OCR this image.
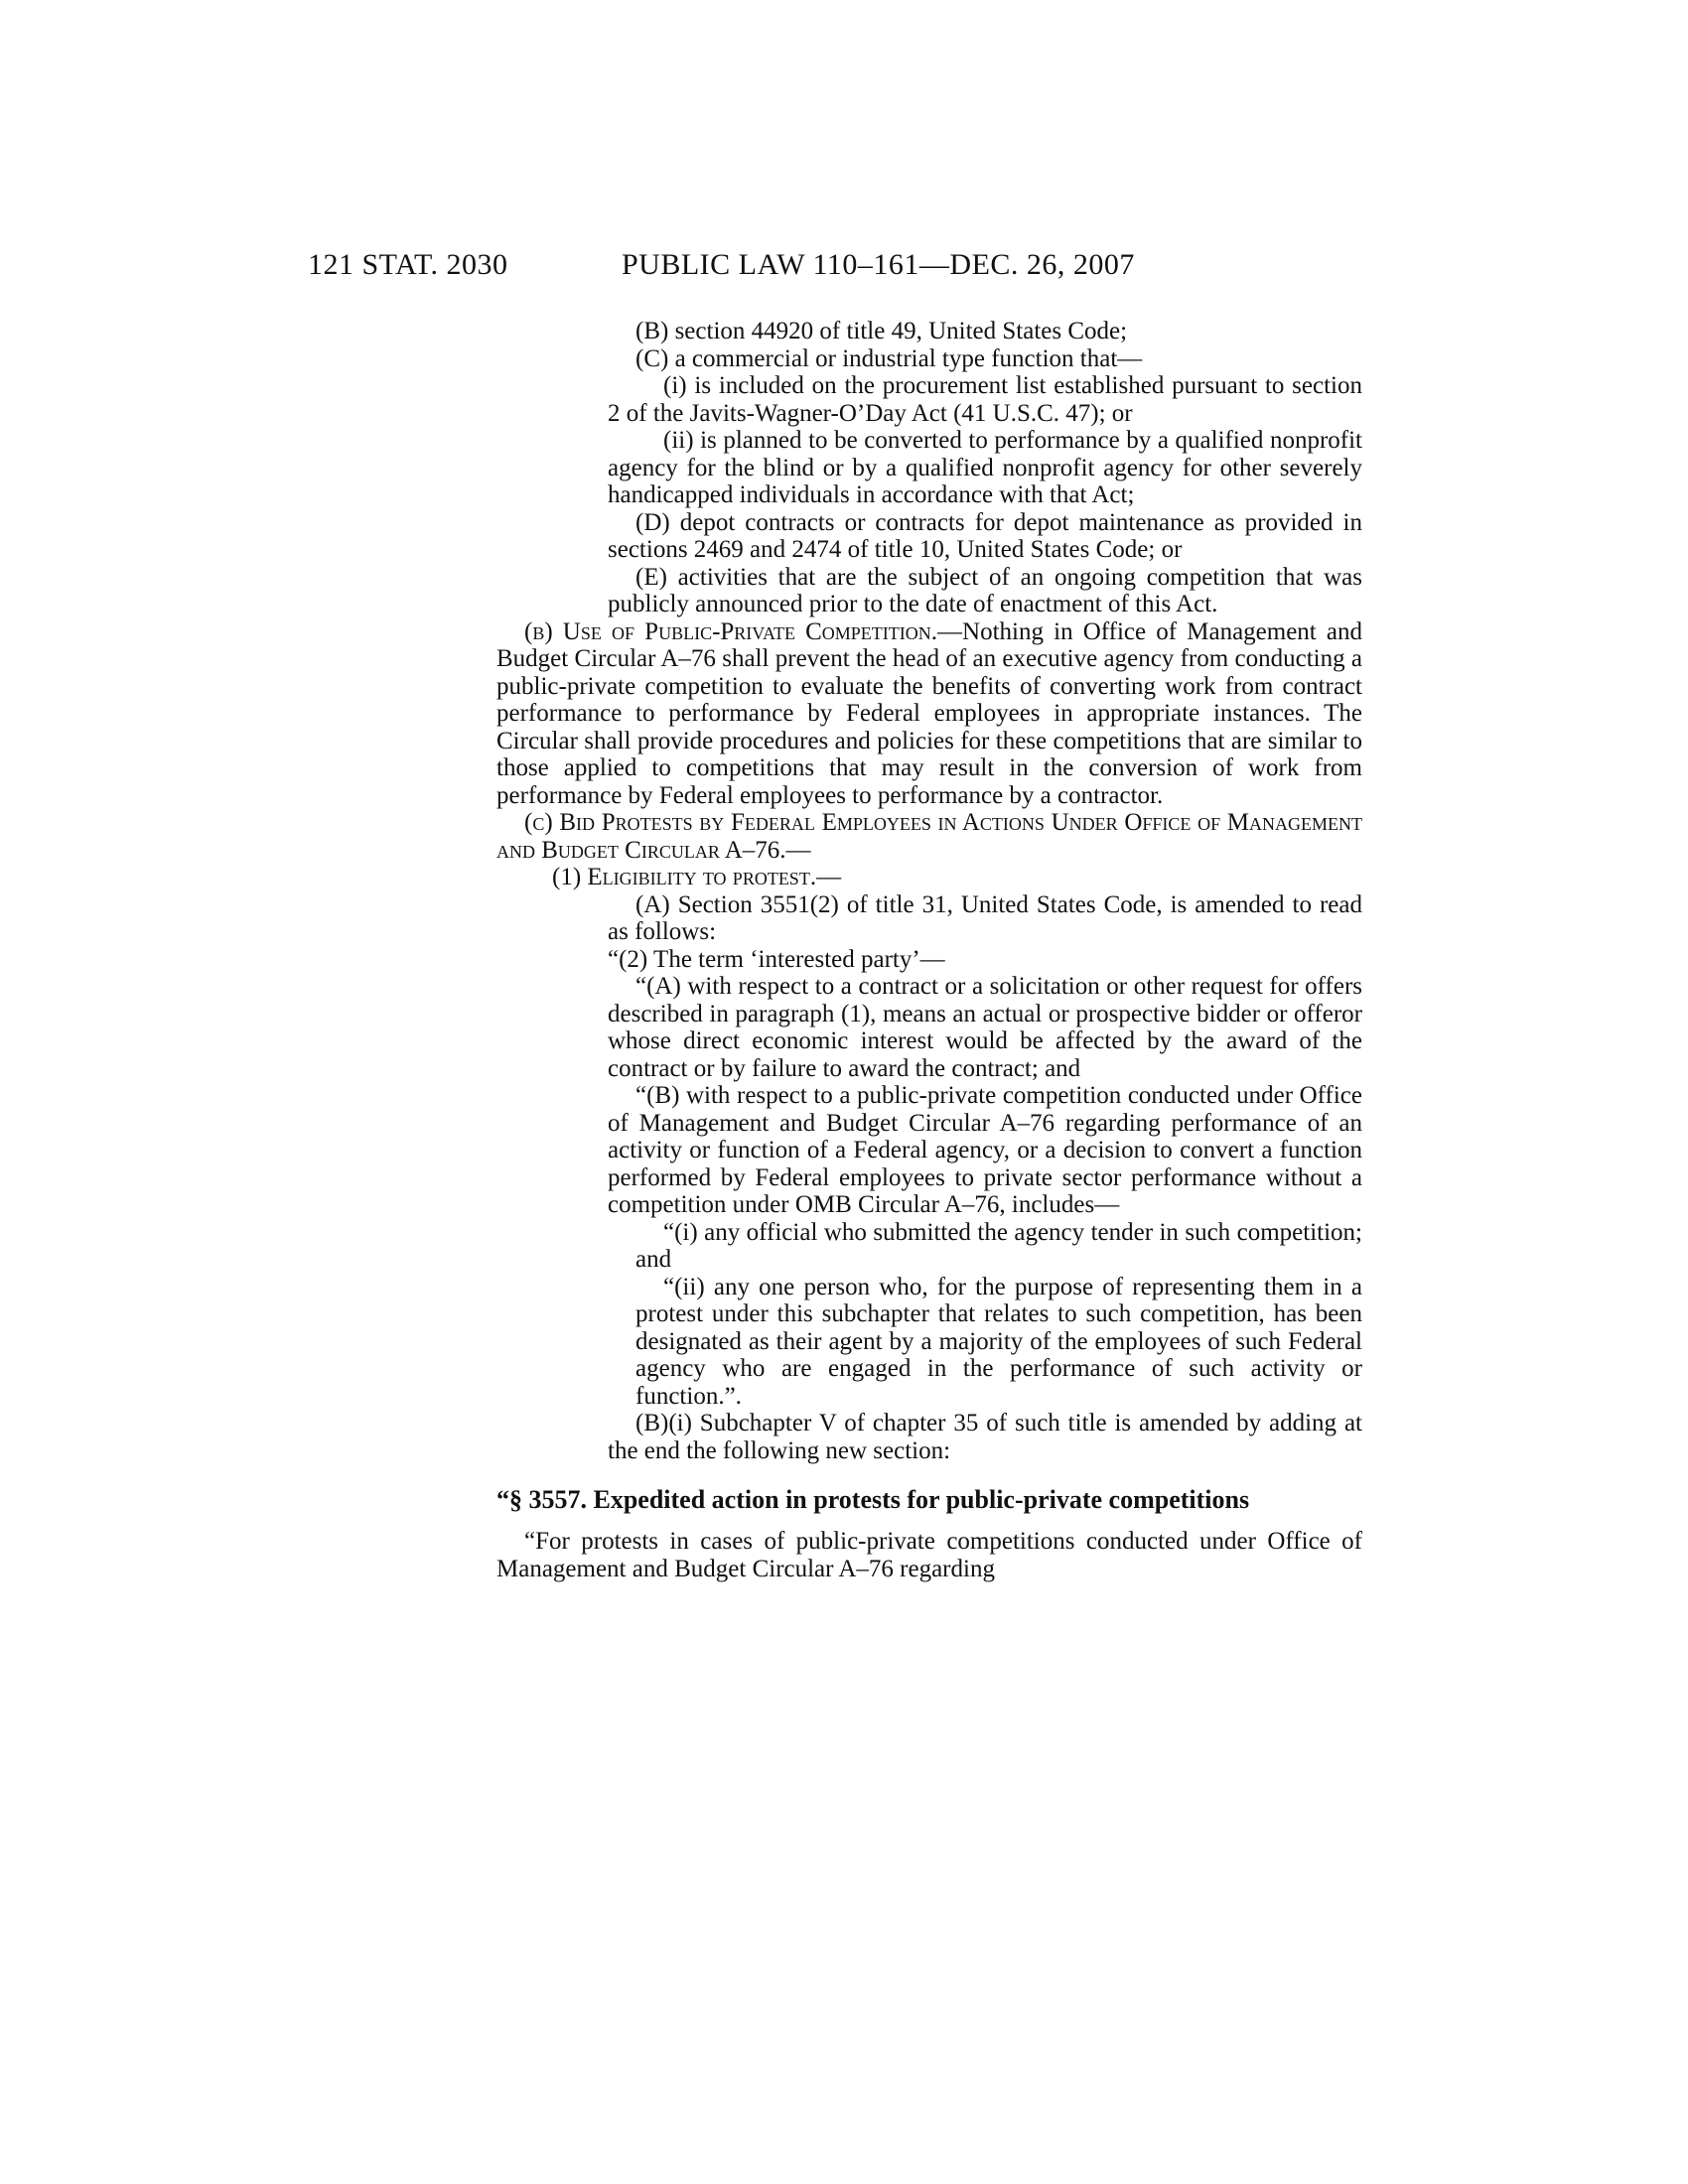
121 STAT. 2030	PUBLIC LAW 110–161—DEC. 26, 2007

(B) section 44920 of title 49, United States Code;

(C) a commercial or industrial type function that—

(i) is included on the procurement list established pursuant to section 2 of the Javits-Wagner-O’Day Act (41 U.S.C. 47); or

(ii) is planned to be converted to performance by a qualified nonprofit agency for the blind or by a qualified nonprofit agency for other severely handicapped individuals in accordance with that Act;

(D) depot contracts or contracts for depot maintenance as provided in sections 2469 and 2474 of title 10, United States Code; or

(E) activities that are the subject of an ongoing competition that was publicly announced prior to the date of enactment of this Act.

(b) Use of Public-Private Competition.—Nothing in Office of Management and Budget Circular A–76 shall prevent the head of an executive agency from conducting a public-private competition to evaluate the benefits of converting work from contract performance to performance by Federal employees in appropriate instances. The Circular shall provide procedures and policies for these competitions that are similar to those applied to competitions that may result in the conversion of work from performance by Federal employees to performance by a contractor.

(c) Bid Protests by Federal Employees in Actions Under Office of Management and Budget Circular A–76.—

(1) Eligibility to protest.—

(A) Section 3551(2) of title 31, United States Code, is amended to read as follows:

“(2) The term ‘interested party’—

“(A) with respect to a contract or a solicitation or other request for offers described in paragraph (1), means an actual or prospective bidder or offeror whose direct economic interest would be affected by the award of the contract or by failure to award the contract; and

“(B) with respect to a public-private competition conducted under Office of Management and Budget Circular A–76 regarding performance of an activity or function of a Federal agency, or a decision to convert a function performed by Federal employees to private sector performance without a competition under OMB Circular A–76, includes—

“(i) any official who submitted the agency tender in such competition; and

“(ii) any one person who, for the purpose of representing them in a protest under this subchapter that relates to such competition, has been designated as their agent by a majority of the employees of such Federal agency who are engaged in the performance of such activity or function.”.

(B)(i) Subchapter V of chapter 35 of such title is amended by adding at the end the following new section:

“§ 3557. Expedited action in protests for public-private competitions

“For protests in cases of public-private competitions conducted under Office of Management and Budget Circular A–76 regarding
